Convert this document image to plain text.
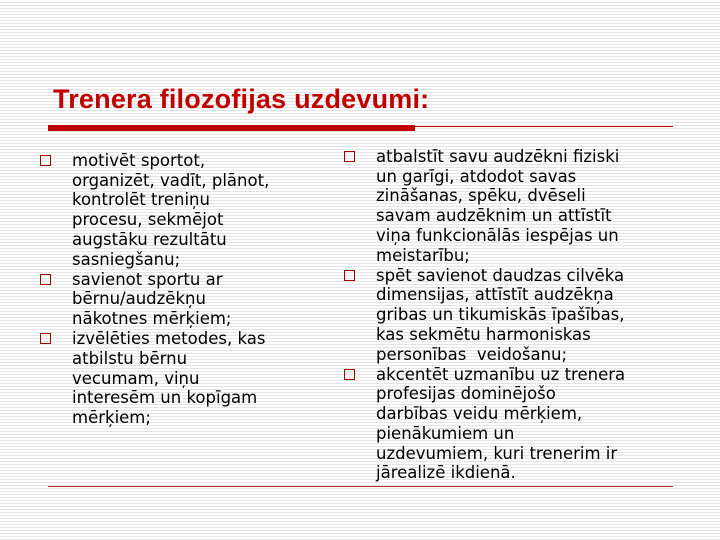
Trenera filozofijas uzdevumi:
motivēt sportot,
organizēt, vadīt, plānot,
kontrolēt treniņu
procesu, sekmējot
augstāku rezultātu
sasniegšanu;
savienot sportu ar
bērnu/audzēkņu
nākotnes mērķiem;
izvēlēties metodes, kas
atbilstu bērnu
vecumam, viņu
interesēm un kopīgam
mērķiem;
atbalstīt savu audzēkni fiziski
un garīgi, atdodot savas
zināšanas, spēku, dvēseli
savam audzēknim un attīstīt
viņa funkcionālās iespējas un
meistarību;
spēt savienot daudzas cilvēka
dimensijas, attīstīt audzēkņa
gribas un tikumiskās īpašības,
kas sekmētu harmoniskas
personības  veidošanu;
akcentēt uzmanību uz trenera
profesijas dominējošo
darbības veidu mērķiem,
pienākumiem un
uzdevumiem, kuri trenerim ir
jārealizē ikdienā.
